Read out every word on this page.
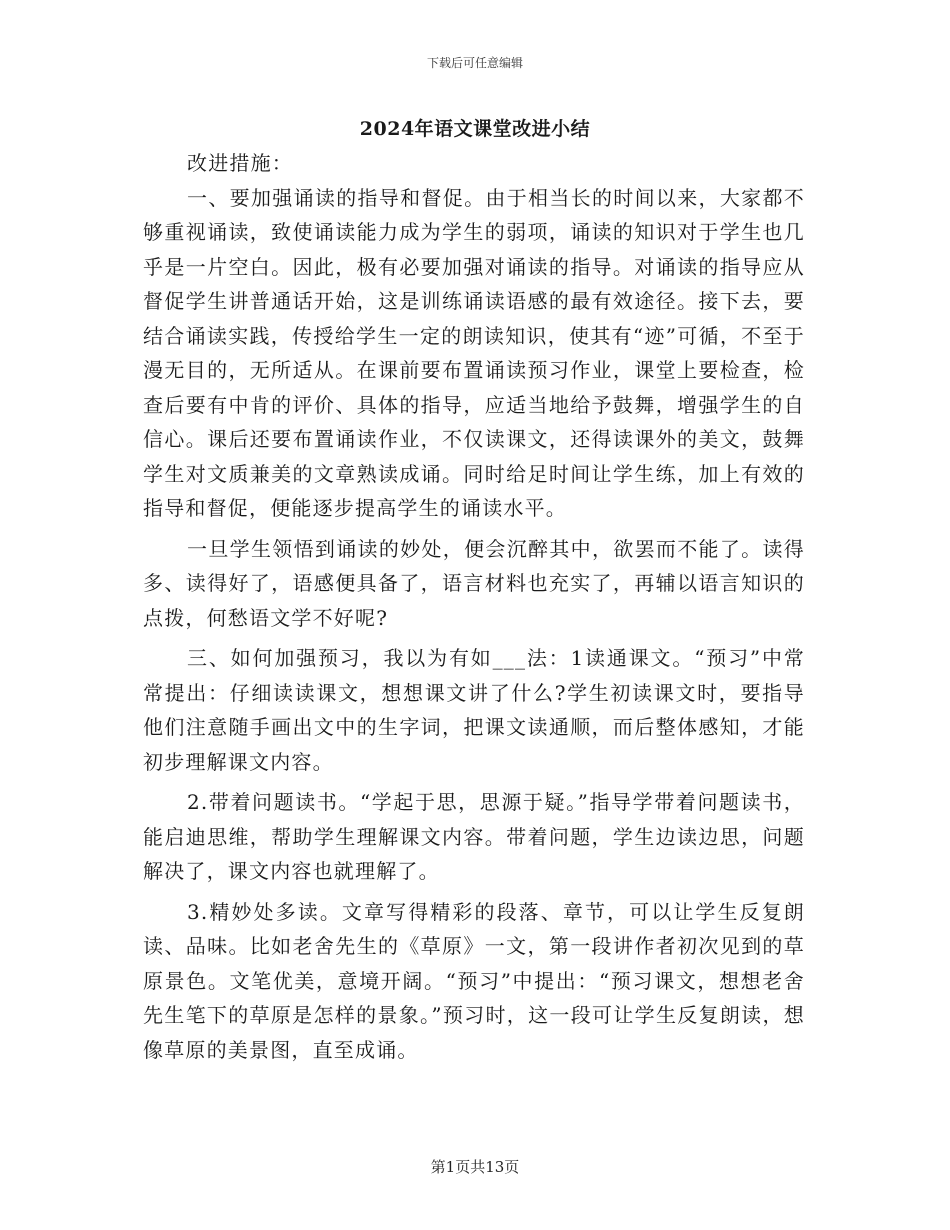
下载后可任意编辑
2024年语文课堂改进小结

改进措施：

一、要加强诵读的指导和督促。由于相当长的时间以来，大家都不够重视诵读，致使诵读能力成为学生的弱项，诵读的知识对于学生也几乎是一片空白。因此，极有必要加强对诵读的指导。对诵读的指导应从督促学生讲普通话开始，这是训练诵读语感的最有效途径。接下去，要结合诵读实践，传授给学生一定的朗读知识，使其有“迹”可循，不至于漫无目的，无所适从。在课前要布置诵读预习作业，课堂上要检查，检查后要有中肯的评价、具体的指导，应适当地给予鼓舞，增强学生的自信心。课后还要布置诵读作业，不仅读课文，还得读课外的美文，鼓舞学生对文质兼美的文章熟读成诵。同时给足时间让学生练，加上有效的指导和督促，便能逐步提高学生的诵读水平。

一旦学生领悟到诵读的妙处，便会沉醉其中，欲罢而不能了。读得多、读得好了，语感便具备了，语言材料也充实了，再辅以语言知识的点拨，何愁语文学不好呢?

三、如何加强预习，我以为有如___法：1读通课文。“预习”中常常提出：仔细读读课文，想想课文讲了什么?学生初读课文时，要指导他们注意随手画出文中的生字词，把课文读通顺，而后整体感知，才能初步理解课文内容。

2.带着问题读书。“学起于思，思源于疑。”指导学带着问题读书，能启迪思维，帮助学生理解课文内容。带着问题，学生边读边思，问题解决了，课文内容也就理解了。

3.精妙处多读。文章写得精彩的段落、章节，可以让学生反复朗读、品味。比如老舍先生的《草原》一文，第一段讲作者初次见到的草原景色。文笔优美，意境开阔。“预习”中提出：“预习课文，想想老舍先生笔下的草原是怎样的景象。”预习时，这一段可让学生反复朗读，想像草原的美景图，直至成诵。

第1页共13页
